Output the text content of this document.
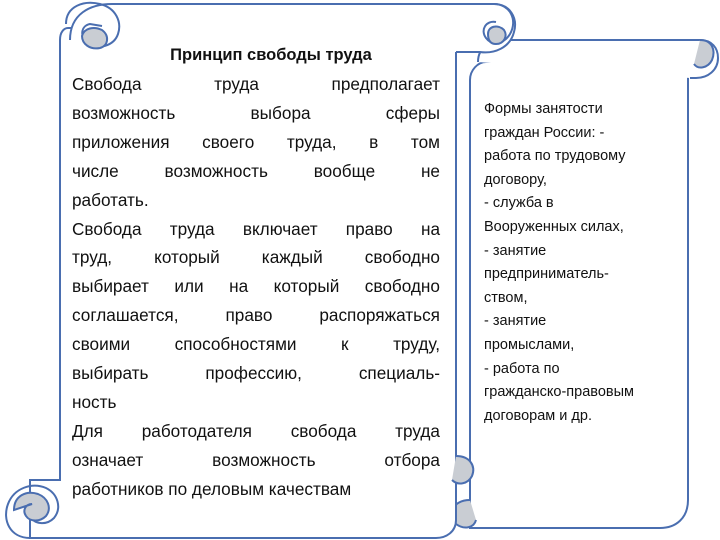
Принцип свободы труда

Свобода труда предполагает

возможность выбора сферы

приложения своего труда, в том

числе возможность вообще не

работать.

Свобода труда включает право на

труд, который каждый свободно

выбирает или на который свободно

соглашается, право распоряжаться

своими способностями к труду,

выбирать профессию, специаль-

ность

Для работодателя свобода труда

означает возможность отбора

работников по деловым качествам

Формы занятости
граждан России: -
работа по трудовому
договору,
- служба в
Вооруженных силах,
- занятие
предприниматель-
ством,
- занятие
промыслами,
- работа по
гражданско-правовым
договорам и др.
